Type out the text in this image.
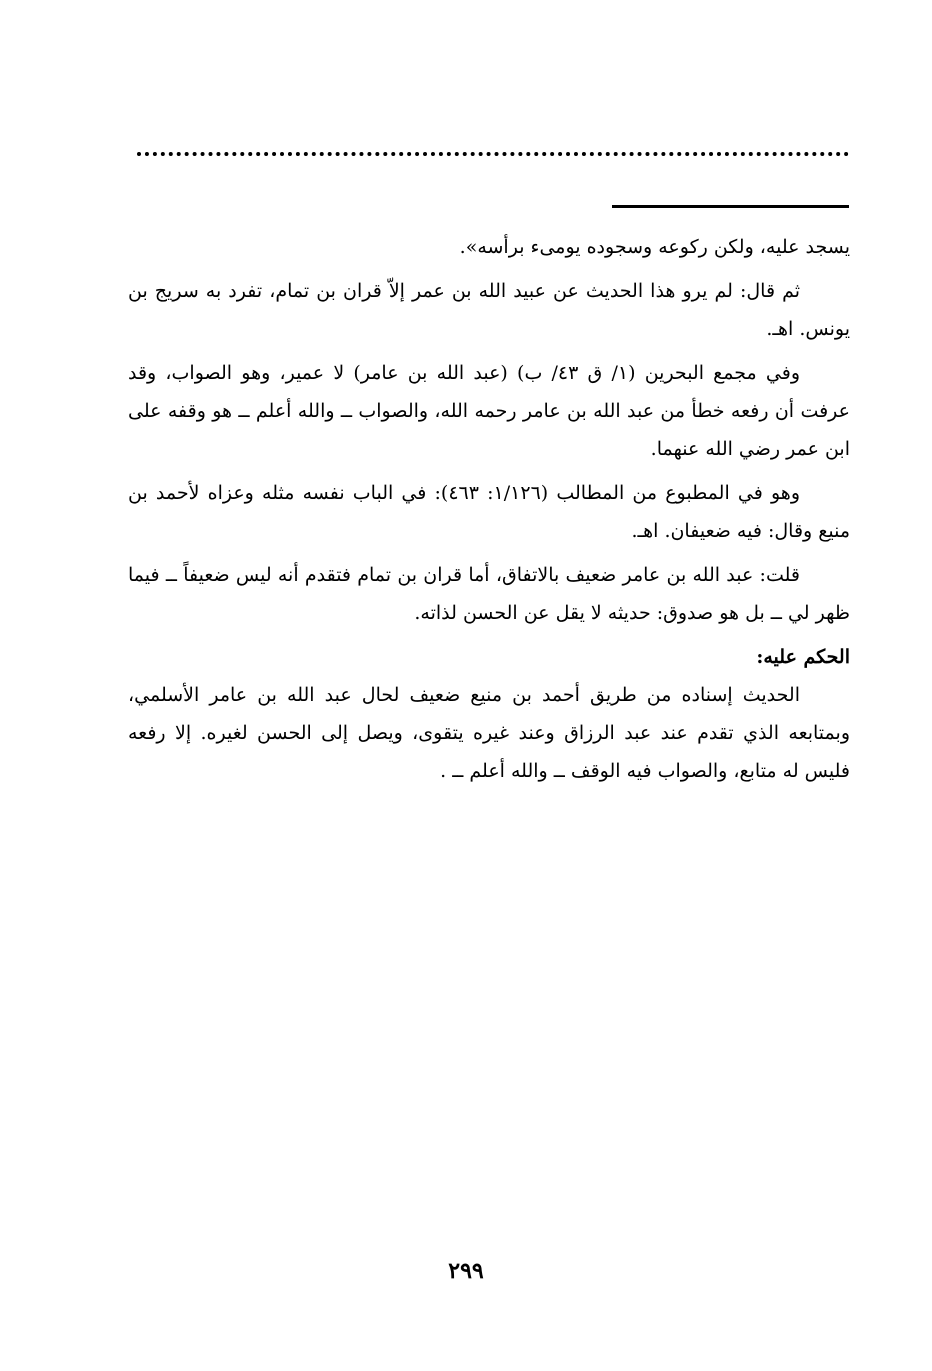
يسجد عليه، ولكن ركوعه وسجوده يومىء برأسه».

ثم قال: لم يرو هذا الحديث عن عبيد الله بن عمر إلاّ قران بن تمام، تفرد به سريج بن يونس. اهـ.

وفي مجمع البحرين (١/ ق ٤٣/ ب) (عبد الله بن عامر) لا عمير، وهو الصواب، وقد عرفت أن رفعه خطأ من عبد الله بن عامر رحمه الله، والصواب ــ والله أعلم ــ هو وقفه على ابن عمر رضي الله عنهما.

وهو في المطبوع من المطالب (١/١٢٦: ٤٦٣): في الباب نفسه مثله وعزاه لأحمد بن منيع وقال: فيه ضعيفان. اهـ.

قلت: عبد الله بن عامر ضعيف بالاتفاق، أما قران بن تمام فتقدم أنه ليس ضعيفاً ــ فيما ظهر لي ــ بل هو صدوق: حديثه لا يقل عن الحسن لذاته.

الحكم عليه:

الحديث إسناده من طريق أحمد بن منيع ضعيف لحال عبد الله بن عامر الأسلمي، وبمتابعه الذي تقدم عند عبد الرزاق وعند غيره يتقوى، ويصل إلى الحسن لغيره. إلا رفعه فليس له متابع، والصواب فيه الوقف ــ والله أعلم ــ .

٢٩٩
